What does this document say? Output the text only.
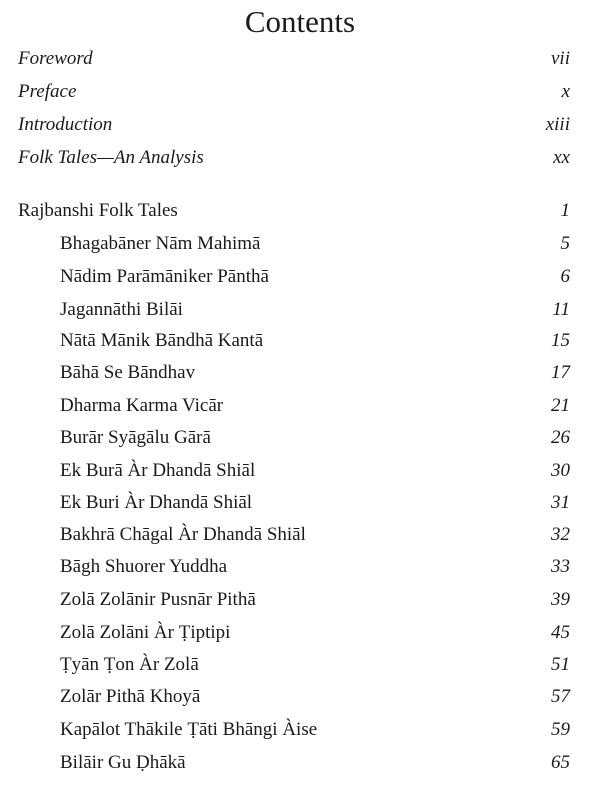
Contents
Foreword	vii
Preface	x
Introduction	xiii
Folk Tales—An Analysis	xx
Rajbanshi Folk Tales	1
Bhagabāner Nām Mahimā	5
Nādim Parāmāniker Pānthā	6
Jagannāthi Bilāi	11
Nātā Mānik Bāndhā Kantā	15
Bāhā Se Bāndhav	17
Dharma Karma Vicār	21
Burār Syāgālu Gārā	26
Ek Burā Àr Dhandā Shiāl	30
Ek Buri Àr Dhandā Shiāl	31
Bakhrā Chāgal Àr Dhandā Shiāl	32
Bāgh Shuorer Yuddha	33
Zolā Zolānir Pusnār Pithā	39
Zolā Zolāni Àr Ṭiptipi	45
Ṭyān Ṭon Àr Zolā	51
Zolār Pithā Khoyā	57
Kapālot Thākile Ṭāti Bhāngi Àise	59
Bilāir Gu Ḍhākā	65
